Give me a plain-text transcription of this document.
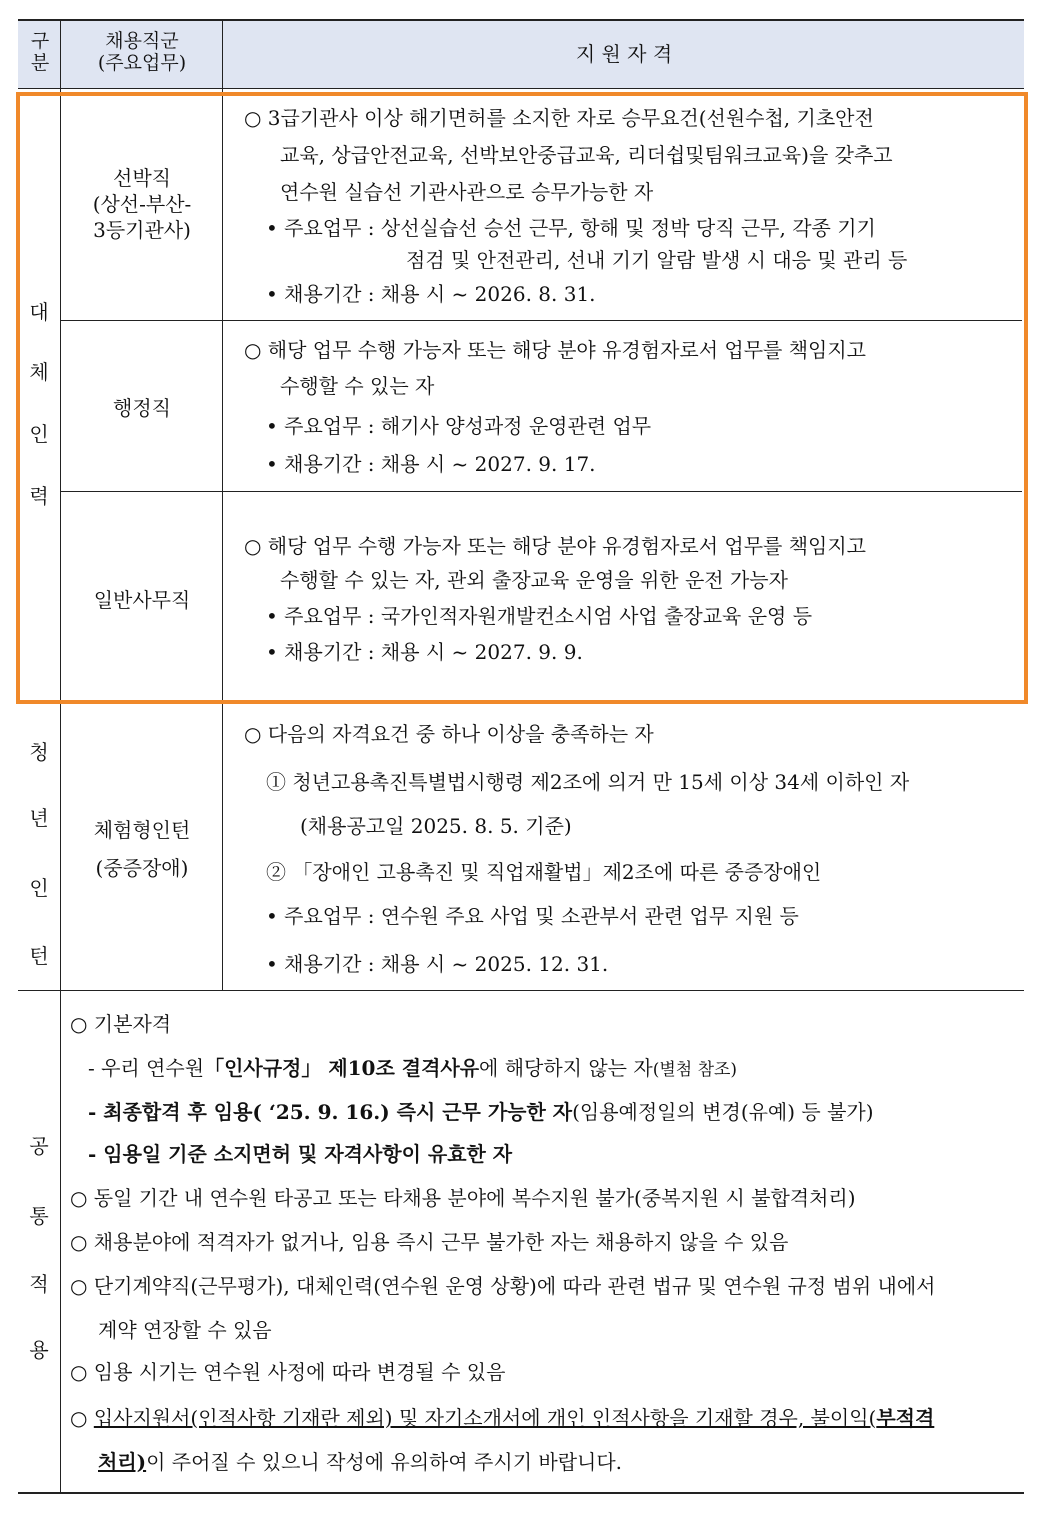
구분
채용직군
(주요업무)	지 원 자 격
대
체
인
력
선박직
(상선-부산-
3등기관사)
○ 3급기관사 이상 해기면허를 소지한 자로 승무요건(선원수첩, 기초안전
교육, 상급안전교육, 선박보안중급교육, 리더쉽및팀워크교육)을 갖추고
연수원 실습선 기관사관으로 승무가능한 자
• 주요업무 : 상선실습선 승선 근무, 항해 및 정박 당직 근무, 각종 기기
점검 및 안전관리, 선내 기기 알람 발생 시 대응 및 관리 등
• 채용기간 : 채용 시 ~ 2026. 8. 31.
행정직
○ 해당 업무 수행 가능자 또는 해당 분야 유경험자로서 업무를 책임지고
수행할 수 있는 자
• 주요업무 : 해기사 양성과정 운영관련 업무
• 채용기간 : 채용 시 ~ 2027. 9. 17.
일반사무직
○ 해당 업무 수행 가능자 또는 해당 분야 유경험자로서 업무를 책임지고
수행할 수 있는 자, 관외 출장교육 운영을 위한 운전 가능자
• 주요업무 : 국가인적자원개발컨소시엄 사업 출장교육 운영 등
• 채용기간 : 채용 시 ~ 2027. 9. 9.
청
년
인
턴
체험형인턴
(중증장애)
○ 다음의 자격요건 중 하나 이상을 충족하는 자
① 청년고용촉진특별법시행령 제2조에 의거 만 15세 이상 34세 이하인 자
(채용공고일 2025. 8. 5. 기준)
② 「장애인 고용촉진 및 직업재활법」제2조에 따른 중증장애인
• 주요업무 : 연수원 주요 사업 및 소관부서 관련 업무 지원 등
• 채용기간 : 채용 시 ~ 2025. 12. 31.
공
통
적
용
○ 기본자격
- 우리 연수원「인사규정」 제10조 결격사유에 해당하지 않는 자(별첨 참조)
- 최종합격 후 임용( ‘25. 9. 16.) 즉시 근무 가능한 자(임용예정일의 변경(유예) 등 불가)
- 임용일 기준 소지면허 및 자격사항이 유효한 자
○ 동일 기간 내 연수원 타공고 또는 타채용 분야에 복수지원 불가(중복지원 시 불합격처리)
○ 채용분야에 적격자가 없거나, 임용 즉시 근무 불가한 자는 채용하지 않을 수 있음
○ 단기계약직(근무평가), 대체인력(연수원 운영 상황)에 따라 관련 법규 및 연수원 규정 범위 내에서
계약 연장할 수 있음
○ 임용 시기는 연수원 사정에 따라 변경될 수 있음
○ 입사지원서(인적사항 기재란 제외) 및 자기소개서에 개인 인적사항을 기재할 경우, 불이익(부적격
처리)이 주어질 수 있으니 작성에 유의하여 주시기 바랍니다.
